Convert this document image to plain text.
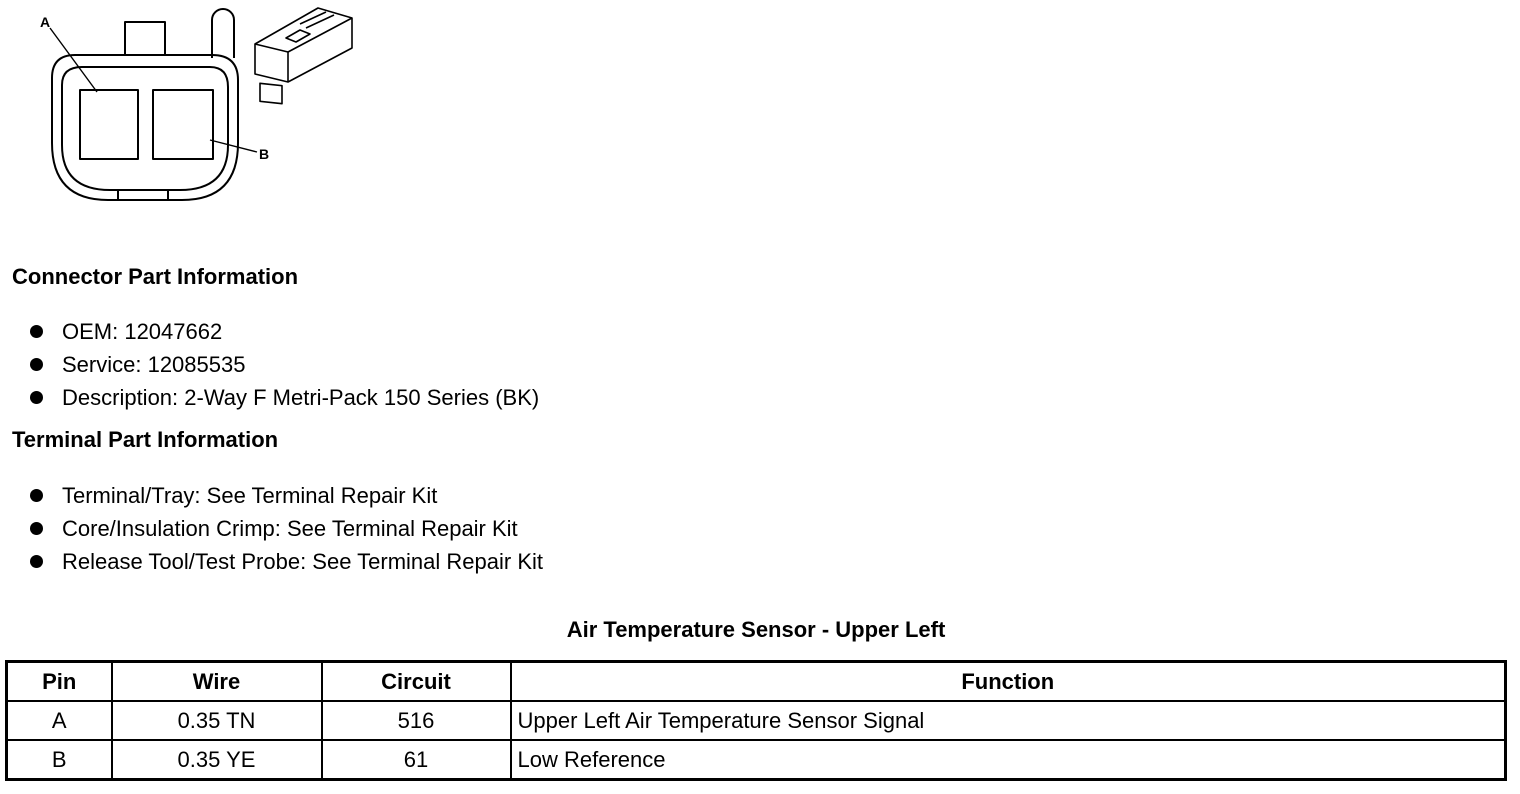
A
B
Connector Part Information
OEM: 12047662
Service: 12085535
Description: 2-Way F Metri-Pack 150 Series (BK)
Terminal Part Information
Terminal/Tray: See Terminal Repair Kit
Core/Insulation Crimp: See Terminal Repair Kit
Release Tool/Test Probe: See Terminal Repair Kit
Air Temperature Sensor - Upper Left
Pin	Wire	Circuit	Function
A	0.35 TN	516	Upper Left Air Temperature Sensor Signal
B	0.35 YE	61	Low Reference
